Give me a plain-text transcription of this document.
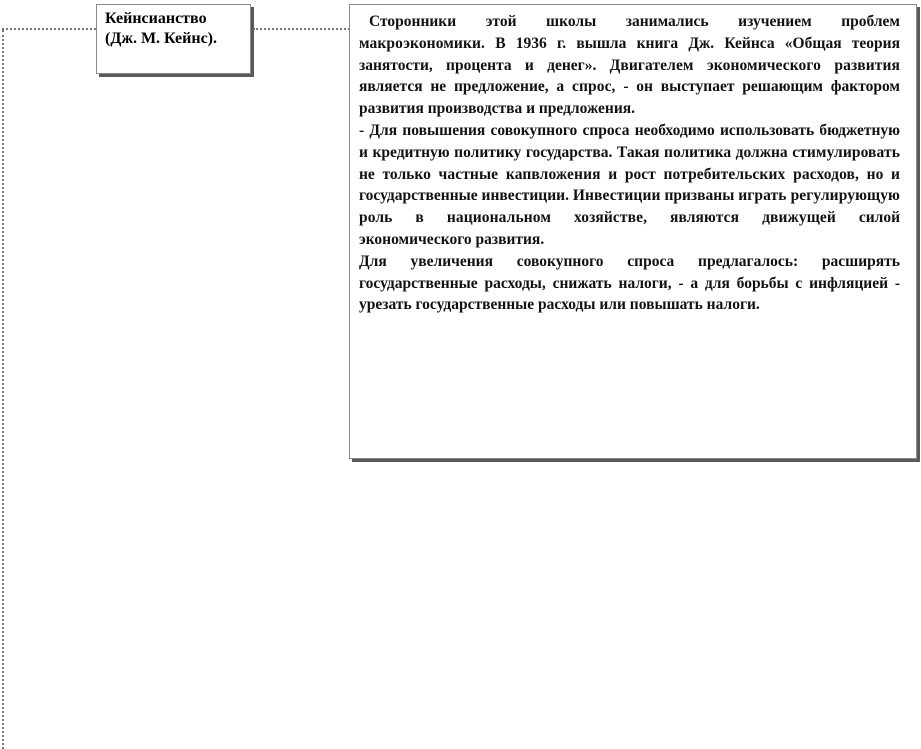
Кейнсианство
(Дж. М. Кейнс).

Сторонники этой школы занимались изучением проблем макроэкономики. В 1936 г. вышла книга Дж. Кейнса «Общая теория занятости, процента и денег». Двигателем экономического развития является не предложение, а спрос, - он выступает решающим фактором развития производства и предложения.

- Для повышения совокупного спроса необходимо использовать бюджетную и кредитную политику государства. Такая политика должна стимулировать не только частные капвложения и рост потребительских расходов, но и государственные инвестиции. Инвестиции призваны играть регулирующую роль в национальном хозяйстве, являются движущей силой экономического развития.

Для увеличения совокупного спроса предлагалось: расширять государственные расходы, снижать налоги, - а для борьбы с инфляцией - урезать государственные расходы или повышать налоги.
